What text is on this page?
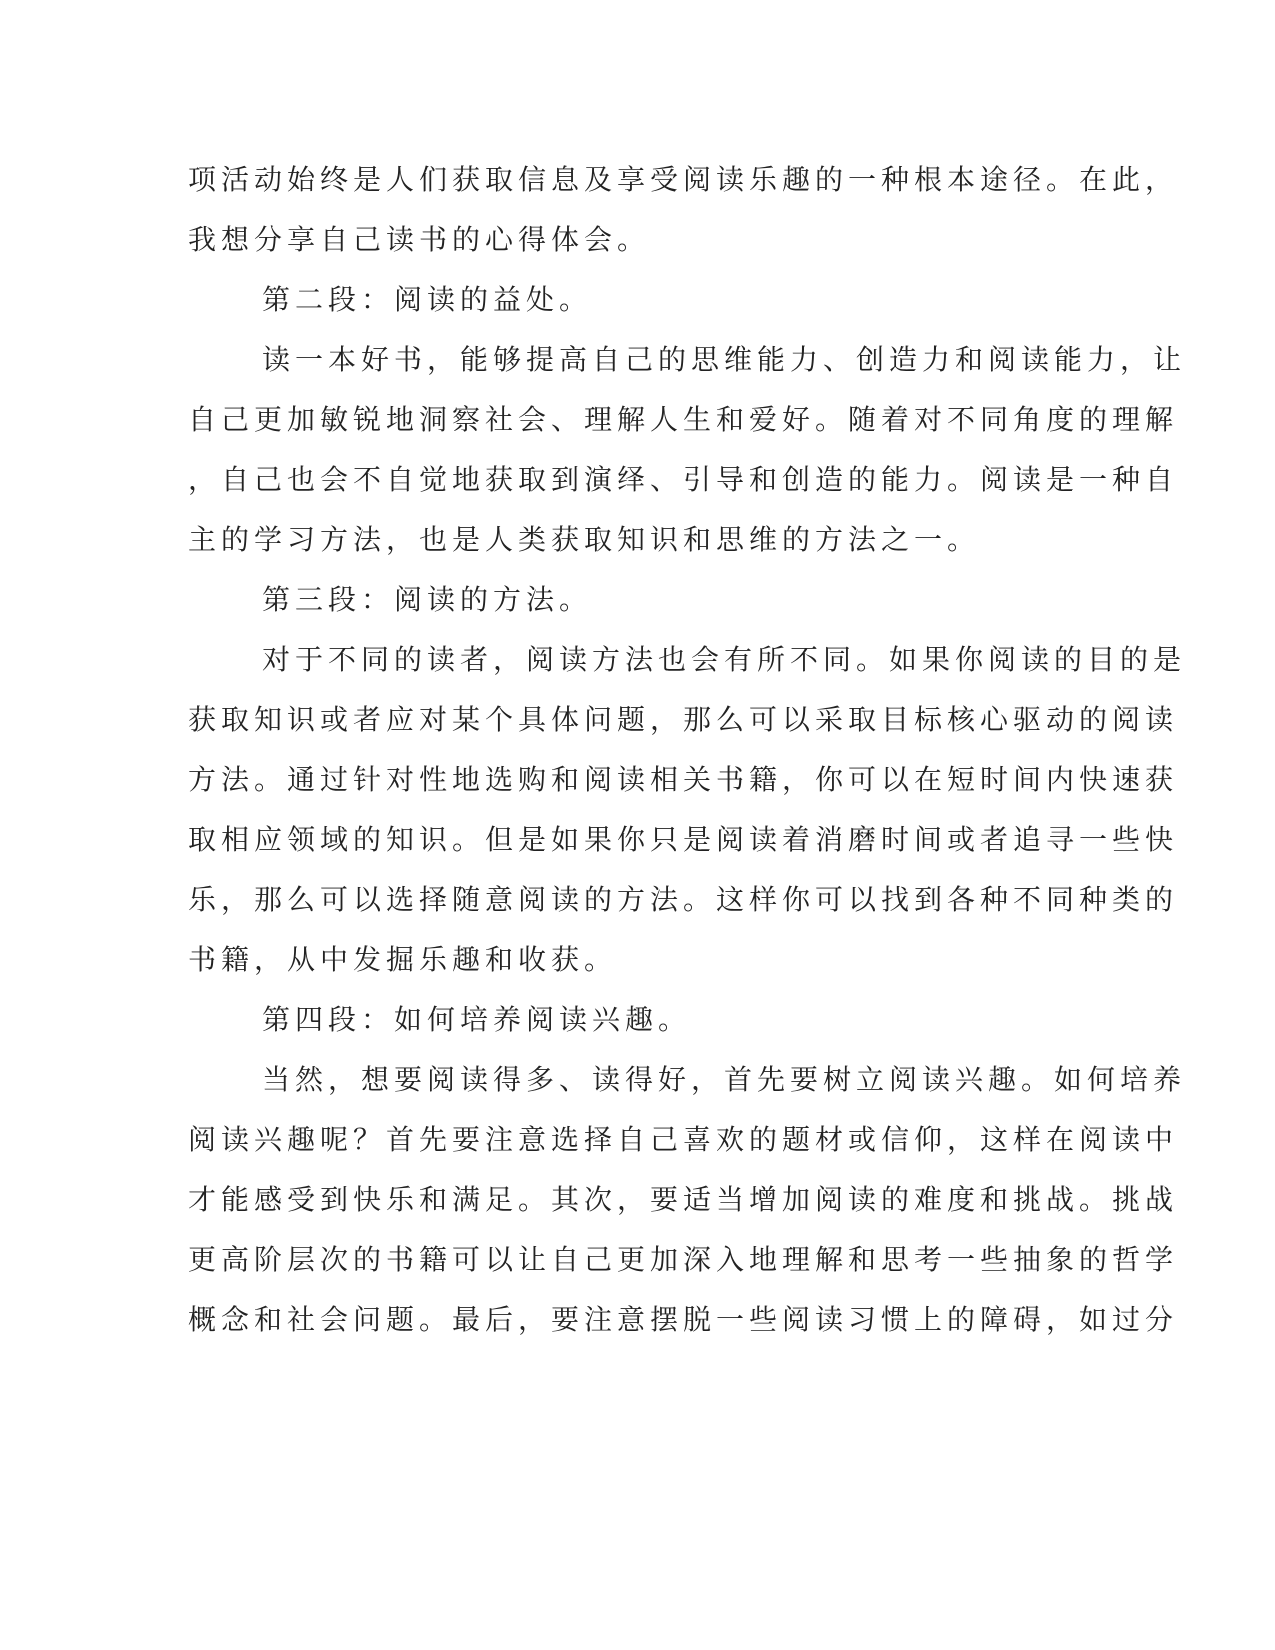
项活动始终是人们获取信息及享受阅读乐趣的一种根本途径。在此，
我想分享自己读书的心得体会。
第二段：阅读的益处。
读一本好书，能够提高自己的思维能力、创造力和阅读能力，让
自己更加敏锐地洞察社会、理解人生和爱好。随着对不同角度的理解
，自己也会不自觉地获取到演绎、引导和创造的能力。阅读是一种自
主的学习方法，也是人类获取知识和思维的方法之一。
第三段：阅读的方法。
对于不同的读者，阅读方法也会有所不同。如果你阅读的目的是
获取知识或者应对某个具体问题，那么可以采取目标核心驱动的阅读
方法。通过针对性地选购和阅读相关书籍，你可以在短时间内快速获
取相应领域的知识。但是如果你只是阅读着消磨时间或者追寻一些快
乐，那么可以选择随意阅读的方法。这样你可以找到各种不同种类的
书籍，从中发掘乐趣和收获。
第四段：如何培养阅读兴趣。
当然，想要阅读得多、读得好，首先要树立阅读兴趣。如何培养
阅读兴趣呢？首先要注意选择自己喜欢的题材或信仰，这样在阅读中
才能感受到快乐和满足。其次，要适当增加阅读的难度和挑战。挑战
更高阶层次的书籍可以让自己更加深入地理解和思考一些抽象的哲学
概念和社会问题。最后，要注意摆脱一些阅读习惯上的障碍，如过分
